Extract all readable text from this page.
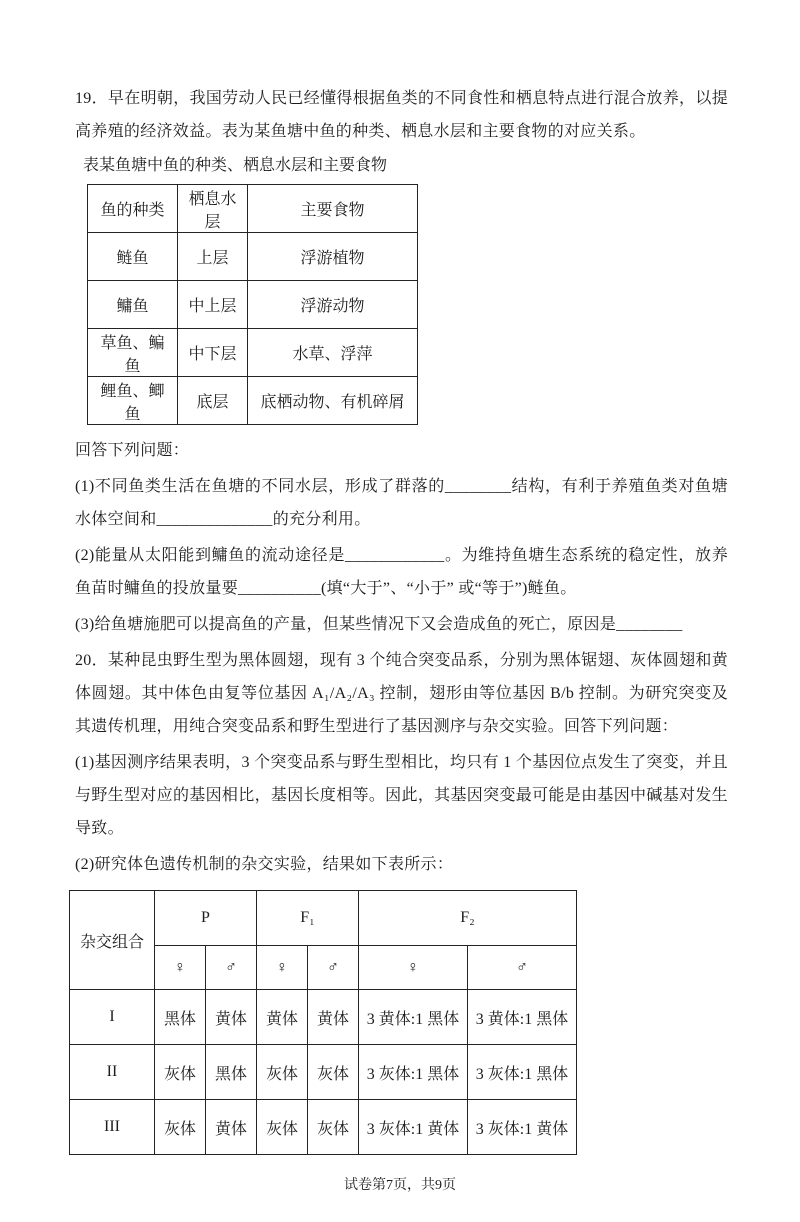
19．早在明朝，我国劳动人民已经懂得根据鱼类的不同食性和栖息特点进行混合放养，以提高养殖的经济效益。表为某鱼塘中鱼的种类、栖息水层和主要食物的对应关系。

表某鱼塘中鱼的种类、栖息水层和主要食物
鱼的种类	栖息水层	主要食物
鲢鱼	上层	浮游植物
鳙鱼	中上层	浮游动物
草鱼、鳊鱼	中下层	水草、浮萍
鲤鱼、鲫鱼	底层	底栖动物、有机碎屑

回答下列问题：

(1)不同鱼类生活在鱼塘的不同水层，形成了群落的________结构，有利于养殖鱼类对鱼塘水体空间和______________的充分利用。

(2)能量从太阳能到鳙鱼的流动途径是____________。为维持鱼塘生态系统的稳定性，放养鱼苗时鳙鱼的投放量要__________(填“大于”、“小于” 或“等于”)鲢鱼。

(3)给鱼塘施肥可以提高鱼的产量，但某些情况下又会造成鱼的死亡，原因是________

20．某种昆虫野生型为黑体圆翅，现有 3 个纯合突变品系，分别为黑体锯翅、灰体圆翅和黄体圆翅。其中体色由复等位基因 A₁/A₂/A₃ 控制，翅形由等位基因 B/b 控制。为研究突变及其遗传机理，用纯合突变品系和野生型进行了基因测序与杂交实验。回答下列问题：

(1)基因测序结果表明，3 个突变品系与野生型相比，均只有 1 个基因位点发生了突变，并且与野生型对应的基因相比，基因长度相等。因此，其基因突变最可能是由基因中碱基对发生导致。

(2)研究体色遗传机制的杂交实验，结果如下表所示：

杂交组合	P		F₁		F₂	
	♀	♂	♀	♂	♀	♂
I	黑体	黄体	黄体	黄体	3 黄体:1 黑体	3 黄体:1 黑体
II	灰体	黑体	灰体	灰体	3 灰体:1 黑体	3 灰体:1 黑体
III	灰体	黄体	灰体	灰体	3 灰体:1 黄体	3 灰体:1 黄体
试卷第7页，共9页
